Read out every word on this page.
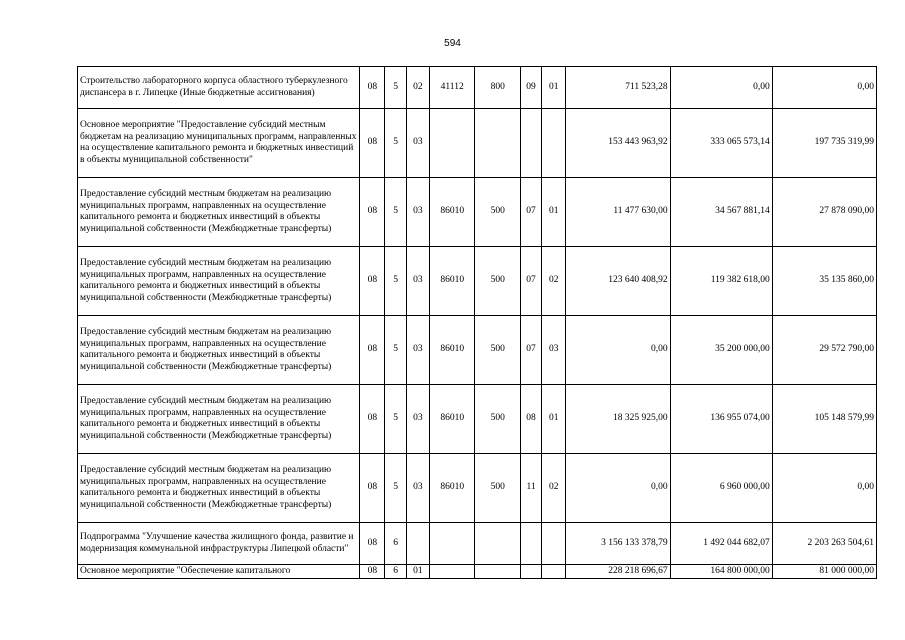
594
Строительство лабораторного корпуса областного туберкулезного диспансера в г. Липецке (Иные бюджетные ассигнования)	08	5	02	41112	800	09	01	711 523,28	0,00	0,00
Основное мероприятие "Предоставление субсидий местным бюджетам на реализацию муниципальных программ, направленных на осуществление капитального ремонта и бюджетных инвестиций в объекты муниципальной собственности"	08	5	03					153 443 963,92	333 065 573,14	197 735 319,99
Предоставление субсидий местным бюджетам на реализацию муниципальных программ, направленных на осуществление капитального ремонта и бюджетных инвестиций в объекты муниципальной собственности (Межбюджетные трансферты)	08	5	03	86010	500	07	01	11 477 630,00	34 567 881,14	27 878 090,00
Предоставление субсидий местным бюджетам на реализацию муниципальных программ, направленных на осуществление капитального ремонта и бюджетных инвестиций в объекты муниципальной собственности (Межбюджетные трансферты)	08	5	03	86010	500	07	02	123 640 408,92	119 382 618,00	35 135 860,00
Предоставление субсидий местным бюджетам на реализацию муниципальных программ, направленных на осуществление капитального ремонта и бюджетных инвестиций в объекты муниципальной собственности (Межбюджетные трансферты)	08	5	03	86010	500	07	03	0,00	35 200 000,00	29 572 790,00
Предоставление субсидий местным бюджетам на реализацию муниципальных программ, направленных на осуществление капитального ремонта и бюджетных инвестиций в объекты муниципальной собственности (Межбюджетные трансферты)	08	5	03	86010	500	08	01	18 325 925,00	136 955 074,00	105 148 579,99
Предоставление субсидий местным бюджетам на реализацию муниципальных программ, направленных на осуществление капитального ремонта и бюджетных инвестиций в объекты муниципальной собственности (Межбюджетные трансферты)	08	5	03	86010	500	11	02	0,00	6 960 000,00	0,00
Подпрограмма "Улучшение качества жилищного фонда, развитие и модернизация коммунальной инфраструктуры Липецкой области"	08	6						3 156 133 378,79	1 492 044 682,07	2 203 263 504,61
Основное мероприятие "Обеспечение капитального	08	6	01					228 218 696,67	164 800 000,00	81 000 000,00
